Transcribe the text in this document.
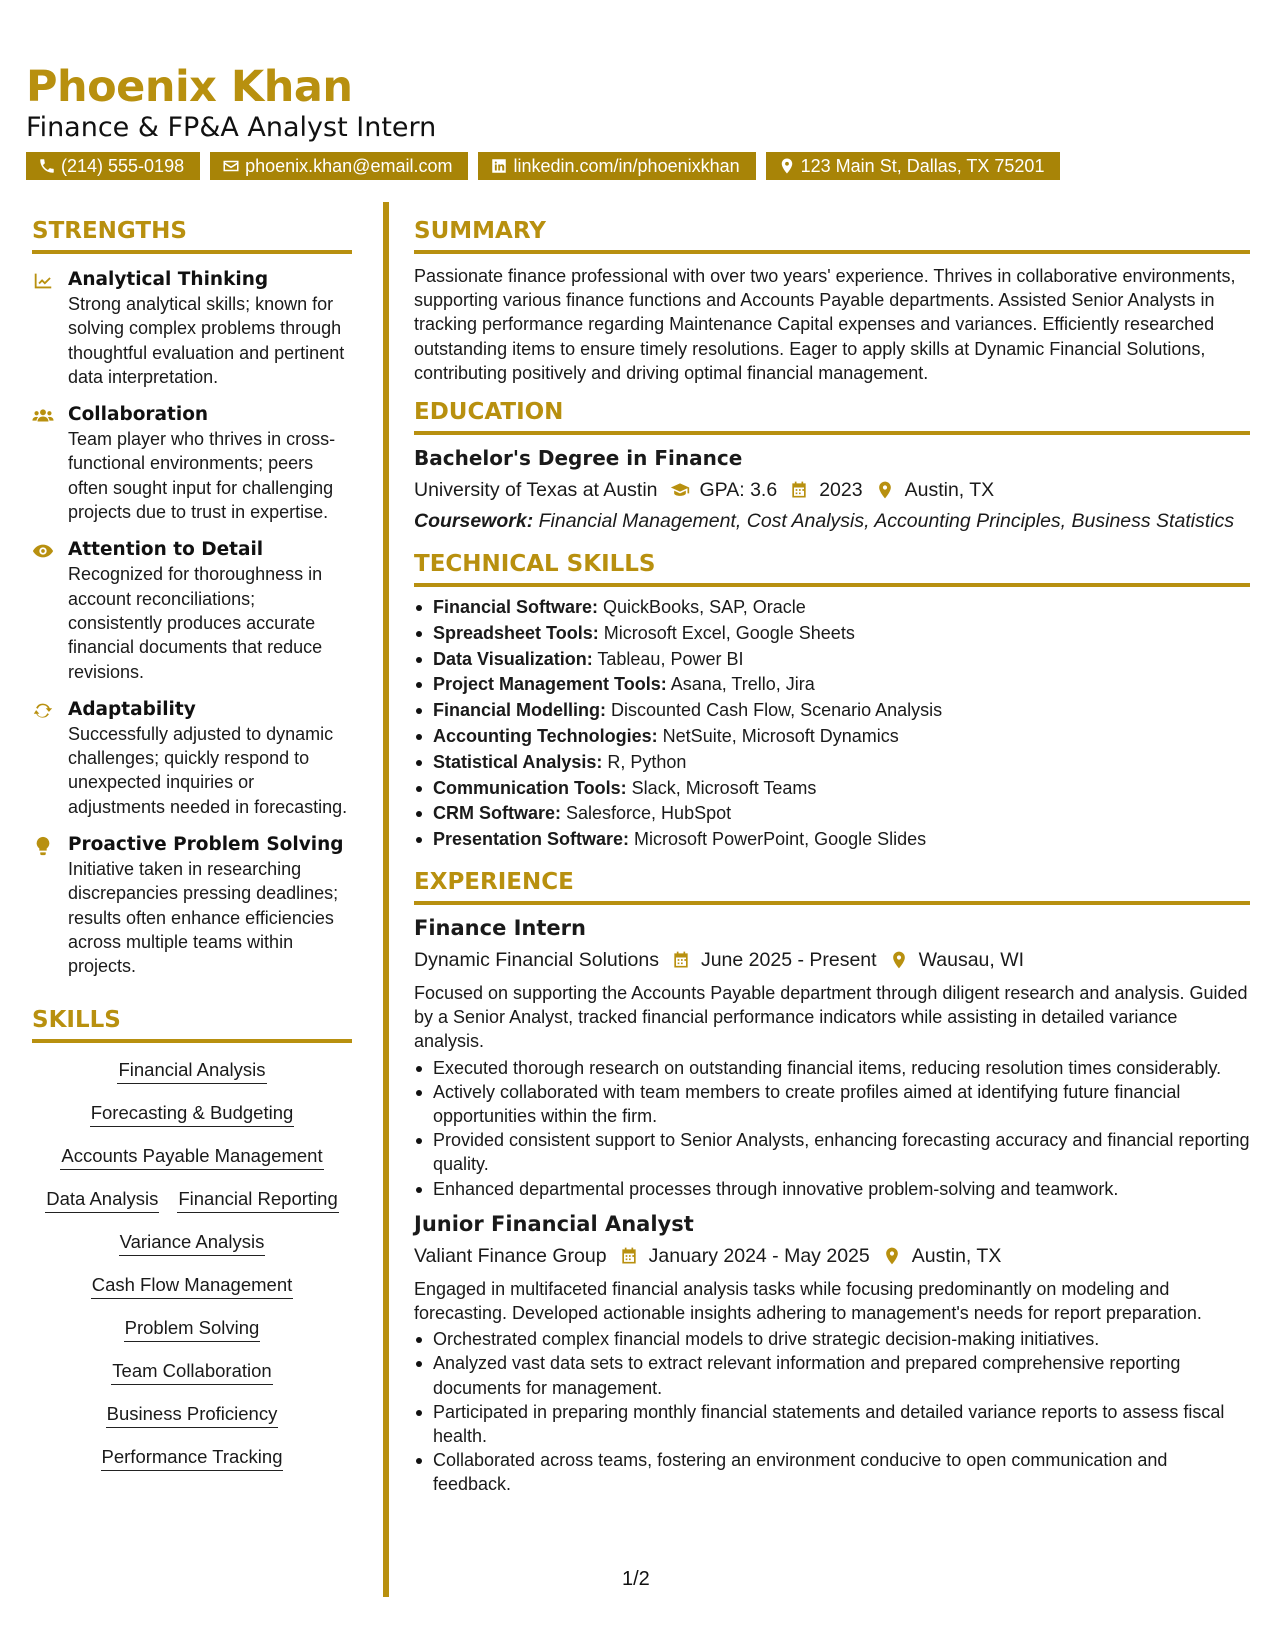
Phoenix Khan
Finance & FP&A Analyst Intern
(214) 555-0198	phoenix.khan@email.com	linkedin.com/in/phoenixkhan	123 Main St, Dallas, TX 75201
STRENGTHS
Analytical Thinking
Strong analytical skills; known for solving complex problems through thoughtful evaluation and pertinent data interpretation.
Collaboration
Team player who thrives in cross-functional environments; peers often sought input for challenging projects due to trust in expertise.
Attention to Detail
Recognized for thoroughness in account reconciliations; consistently produces accurate financial documents that reduce revisions.
Adaptability
Successfully adjusted to dynamic challenges; quickly respond to unexpected inquiries or adjustments needed in forecasting.
Proactive Problem Solving
Initiative taken in researching discrepancies pressing deadlines; results often enhance efficiencies across multiple teams within projects.
SKILLS
Financial Analysis
Forecasting & Budgeting
Accounts Payable Management
Data Analysis Financial Reporting
Variance Analysis
Cash Flow Management
Problem Solving
Team Collaboration
Business Proficiency
Performance Tracking
SUMMARY
Passionate finance professional with over two years' experience. Thrives in collaborative environments, supporting various finance functions and Accounts Payable departments. Assisted Senior Analysts in tracking performance regarding Maintenance Capital expenses and variances. Efficiently researched outstanding items to ensure timely resolutions. Eager to apply skills at Dynamic Financial Solutions, contributing positively and driving optimal financial management.
EDUCATION
Bachelor's Degree in Finance
University of Texas at Austin GPA: 3.6 2023 Austin, TX
Coursework: Financial Management, Cost Analysis, Accounting Principles, Business Statistics
TECHNICAL SKILLS
Financial Software: QuickBooks, SAP, Oracle
Spreadsheet Tools: Microsoft Excel, Google Sheets
Data Visualization: Tableau, Power BI
Project Management Tools: Asana, Trello, Jira
Financial Modelling: Discounted Cash Flow, Scenario Analysis
Accounting Technologies: NetSuite, Microsoft Dynamics
Statistical Analysis: R, Python
Communication Tools: Slack, Microsoft Teams
CRM Software: Salesforce, HubSpot
Presentation Software: Microsoft PowerPoint, Google Slides
EXPERIENCE
Finance Intern
Dynamic Financial Solutions June 2025 - Present Wausau, WI
Focused on supporting the Accounts Payable department through diligent research and analysis. Guided by a Senior Analyst, tracked financial performance indicators while assisting in detailed variance analysis.
Executed thorough research on outstanding financial items, reducing resolution times considerably.
Actively collaborated with team members to create profiles aimed at identifying future financial opportunities within the firm.
Provided consistent support to Senior Analysts, enhancing forecasting accuracy and financial reporting quality.
Enhanced departmental processes through innovative problem-solving and teamwork.
Junior Financial Analyst
Valiant Finance Group January 2024 - May 2025 Austin, TX
Engaged in multifaceted financial analysis tasks while focusing predominantly on modeling and forecasting. Developed actionable insights adhering to management's needs for report preparation.
Orchestrated complex financial models to drive strategic decision-making initiatives.
Analyzed vast data sets to extract relevant information and prepared comprehensive reporting documents for management.
Participated in preparing monthly financial statements and detailed variance reports to assess fiscal health.
Collaborated across teams, fostering an environment conducive to open communication and feedback.
1/2
